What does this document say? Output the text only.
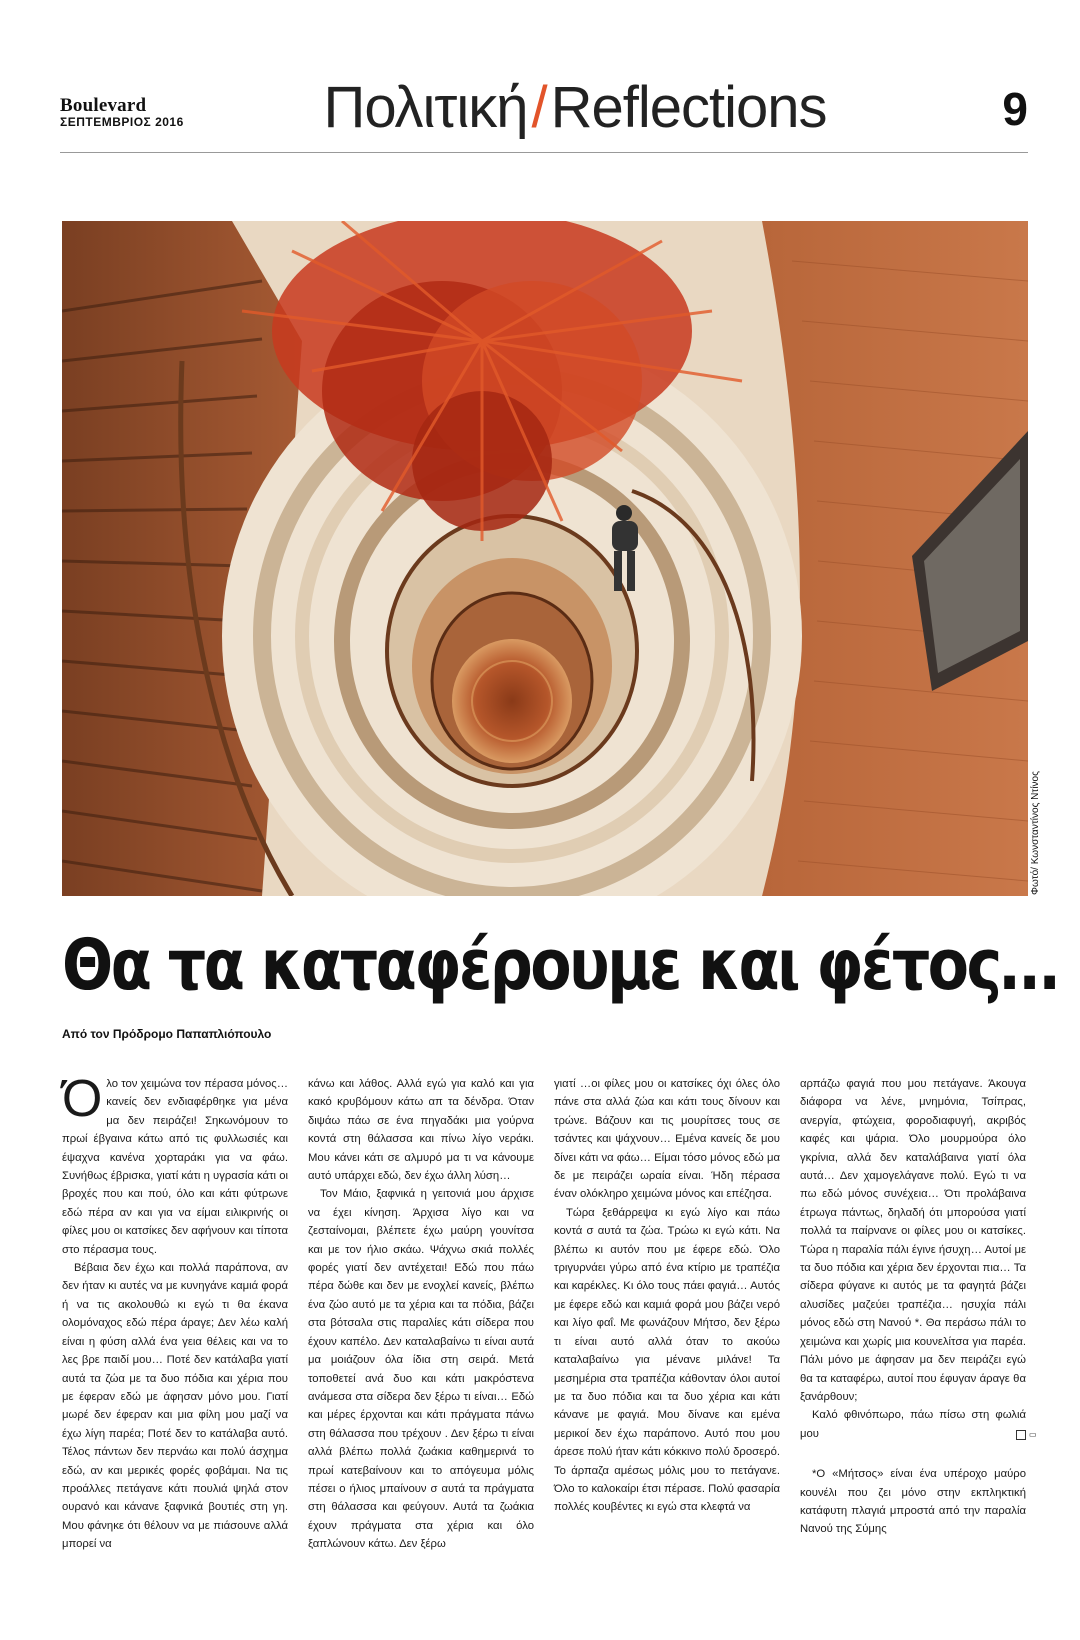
Boulevard
ΣΕΠΤΕΜΒΡΙΟΣ 2016 Πολιτική/Reflections	9
Φωτό/ Κωνσταντίνος Ντίνος
Θα τα καταφέρουμε και φέτος…
Από τον Πρόδρομο Παπαπλιόπουλο

Όλο τον χειμώνα τον πέρασα μόνος… κανείς δεν ενδιαφέρθηκε για μένα μα δεν πειράζει! Σηκωνόμουν το πρωί έβγαινα κάτω από τις φυλλωσιές και έψαχνα κανένα χορταράκι για να φάω. Συνήθως έβρισκα, γιατί κάτι η υγρασία κάτι οι βροχές που και πού, όλο και κάτι φύτρωνε εδώ πέρα αν και για να είμαι ειλικρινής οι φίλες μου οι κατσίκες δεν αφήνουν και τίποτα στο πέρασμα τους.

Βέβαια δεν έχω και πολλά παράπονα, αν δεν ήταν κι αυτές να με κυνηγάνε καμιά φορά ή να τις ακολουθώ κι εγώ τι θα έκανα ολομόναχος εδώ πέρα άραγε; Δεν λέω καλή είναι η φύση αλλά ένα γεια θέλεις και να το λες βρε παιδί μου… Ποτέ δεν κατάλαβα γιατί αυτά τα ζώα με τα δυο πόδια και χέρια που με έφεραν εδώ με άφησαν μόνο μου. Γιατί μωρέ δεν έφεραν και μια φίλη μου μαζί να έχω λίγη παρέα; Ποτέ δεν το κατάλαβα αυτό. Τέλος πάντων δεν περνάω και πολύ άσχημα εδώ, αν και μερικές φορές φοβάμαι. Να τις προάλλες πετάγανε κάτι πουλιά ψηλά στον ουρανό και κάνανε ξαφνικά βουτιές στη γη. Μου φάνηκε ότι θέλουν να με πιάσουνε αλλά μπορεί να

κάνω και λάθος. Αλλά εγώ για καλό και για κακό κρυβόμουν κάτω απ τα δένδρα. Όταν διψάω πάω σε ένα πηγαδάκι μια γούρνα κοντά στη θάλασσα και πίνω λίγο νεράκι. Μου κάνει κάτι σε αλμυρό μα τι να κάνουμε αυτό υπάρχει εδώ, δεν έχω άλλη λύση…

Τον Μάιο, ξαφνικά η γειτονιά μου άρχισε να έχει κίνηση. Άρχισα λίγο και να ζεσταίνομαι, βλέπετε έχω μαύρη γουνίτσα και με τον ήλιο σκάω. Ψάχνω σκιά πολλές φορές γιατί δεν αντέχεται! Εδώ που πάω πέρα δώθε και δεν με ενοχλεί κανείς, βλέπω ένα ζώο αυτό με τα χέρια και τα πόδια, βάζει στα βότσαλα στις παραλίες κάτι σίδερα που έχουν καπέλο. Δεν καταλαβαίνω τι είναι αυτά μα μοιάζουν όλα ίδια στη σειρά. Μετά τοποθετεί ανά δυο και κάτι μακρόστενα ανάμεσα στα σίδερα δεν ξέρω τι είναι… Εδώ και μέρες έρχονται και κάτι πράγματα πάνω στη θάλασσα που τρέχουν . Δεν ξέρω τι είναι αλλά βλέπω πολλά ζωάκια καθημερινά το πρωί κατεβαίνουν και το απόγευμα μόλις πέσει ο ήλιος μπαίνουν σ αυτά τα πράγματα στη θάλασσα και φεύγουν. Αυτά τα ζωάκια έχουν πράγματα στα χέρια και όλο ξαπλώνουν κάτω. Δεν ξέρω

γιατί …οι φίλες μου οι κατσίκες όχι όλες όλο πάνε στα αλλά ζώα και κάτι τους δίνουν και τρώνε. Βάζουν και τις μουρίτσες τους σε τσάντες και ψάχνουν… Εμένα κανείς δε μου δίνει κάτι να φάω… Είμαι τόσο μόνος εδώ μα δε με πειράζει ωραία είναι. Ήδη πέρασα έναν ολόκληρο χειμώνα μόνος και επέζησα.

Τώρα ξεθάρρεψα κι εγώ λίγο και πάω κοντά σ αυτά τα ζώα. Τρώω κι εγώ κάτι. Να βλέπω κι αυτόν που με έφερε εδώ. Όλο τριγυρνάει γύρω από ένα κτίριο με τραπέζια και καρέκλες. Κι όλο τους πάει φαγιά… Αυτός με έφερε εδώ και καμιά φορά μου βάζει νερό και λίγο φαΐ. Με φωνάζουν Μήτσο, δεν ξέρω τι είναι αυτό αλλά όταν το ακούω καταλαβαίνω για μένανε μιλάνε! Τα μεσημέρια στα τραπέζια κάθονταν όλοι αυτοί με τα δυο πόδια και τα δυο χέρια και κάτι κάνανε με φαγιά. Μου δίνανε και εμένα μερικοί δεν έχω παράπονο. Αυτό που μου άρεσε πολύ ήταν κάτι κόκκινο πολύ δροσερό. Το άρπαζα αμέσως μόλις μου το πετάγανε. Όλο το καλοκαίρι έτσι πέρασε. Πολύ φασαρία πολλές κουβέντες κι εγώ στα κλεφτά να

αρπάζω φαγιά που μου πετάγανε. Άκουγα διάφορα να λένε, μνημόνια, Τσίπρας, ανεργία, φτώχεια, φοροδιαφυγή, ακριβός καφές και ψάρια. Όλο μουρμούρα όλο γκρίνια, αλλά δεν καταλάβαινα γιατί όλα αυτά… Δεν χαμογελάγανε πολύ. Εγώ τι να πω εδώ μόνος συνέχεια… Ότι προλάβαινα έτρωγα πάντως, δηλαδή ότι μπορούσα γιατί πολλά τα παίρνανε οι φίλες μου οι κατσίκες. Τώρα η παραλία πάλι έγινε ήσυχη… Αυτοί με τα δυο πόδια και χέρια δεν έρχονται πια… Τα σίδερα φύγανε κι αυτός με τα φαγητά βάζει αλυσίδες μαζεύει τραπέζια… ησυχία πάλι μόνος εδώ στη Νανού *. Θα περάσω πάλι το χειμώνα και χωρίς μια κουνελίτσα για παρέα. Πάλι μόνο με άφησαν μα δεν πειράζει εγώ θα τα καταφέρω, αυτοί που έφυγαν άραγε θα ξανάρθουν;

Καλό φθινόπωρο, πάω πίσω στη φωλιά μου	▭

*Ο «Μήτσος» είναι ένα υπέροχο μαύρο κουνέλι που ζει μόνο στην εκπληκτική κατάφυτη πλαγιά μπροστά από την παραλία Νανού της Σύμης
